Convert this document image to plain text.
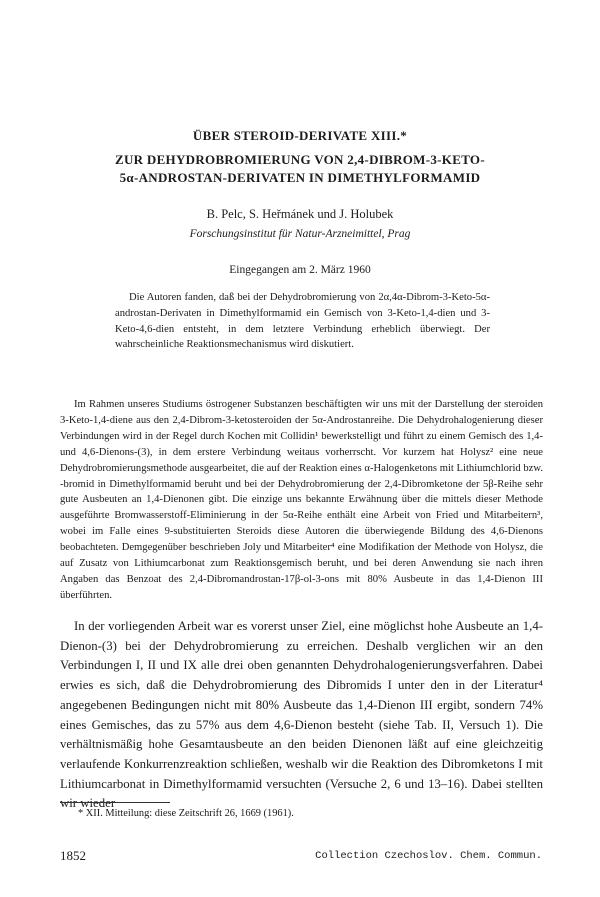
ÜBER STEROID-DERIVATE XIII.*
ZUR DEHYDROBROMIERUNG VON 2,4-DIBROM-3-KETO-
5α-ANDROSTAN-DERIVATEN IN DIMETHYLFORMAMID
B. Pelc, S. Heřmánek und J. Holubek
Forschungsinstitut für Natur-Arzneimittel, Prag
Eingegangen am 2. März 1960

Die Autoren fanden, daß bei der Dehydrobromierung von 2α,4α-Dibrom-3-Keto-5α-androstan-Derivaten in Dimethylformamid ein Gemisch von 3-Keto-1,4-dien und 3-Keto-4,6-dien entsteht, in dem letztere Verbindung erheblich überwiegt. Der wahrscheinliche Reaktionsmechanismus wird diskutiert.

Im Rahmen unseres Studiums östrogener Substanzen beschäftigten wir uns mit der Darstellung der steroiden 3-Keto-1,4-diene aus den 2,4-Dibrom-3-ketosteroiden der 5α-Androstanreihe. Die Dehydrohalogenierung dieser Verbindungen wird in der Regel durch Kochen mit Collidin¹ bewerkstelligt und führt zu einem Gemisch des 1,4- und 4,6-Dienons-(3), in dem erstere Verbindung weitaus vorherrscht. Vor kurzem hat Holysz² eine neue Dehydrobromierungsmethode ausgearbeitet, die auf der Reaktion eines α-Halogenketons mit Lithiumchlorid bzw. -bromid in Dimethylformamid beruht und bei der Dehydrobromierung der 2,4-Dibromketone der 5β-Reihe sehr gute Ausbeuten an 1,4-Dienonen gibt. Die einzige uns bekannte Erwähnung über die mittels dieser Methode ausgeführte Bromwasserstoff-Eliminierung in der 5α-Reihe enthält eine Arbeit von Fried und Mitarbeitern³, wobei im Falle eines 9-substituierten Steroids diese Autoren die überwiegende Bildung des 4,6-Dienons beobachteten. Demgegenüber beschrieben Joly und Mitarbeiter⁴ eine Modifikation der Methode von Holysz, die auf Zusatz von Lithiumcarbonat zum Reaktionsgemisch beruht, und bei deren Anwendung sie nach ihren Angaben das Benzoat des 2,4-Dibromandrostan-17β-ol-3-ons mit 80% Ausbeute in das 1,4-Dienon III überführten.

In der vorliegenden Arbeit war es vorerst unser Ziel, eine möglichst hohe Ausbeute an 1,4-Dienon-(3) bei der Dehydrobromierung zu erreichen. Deshalb verglichen wir an den Verbindungen I, II und IX alle drei oben genannten Dehydrohalogenierungsverfahren. Dabei erwies es sich, daß die Dehydrobromierung des Dibromids I unter den in der Literatur⁴ angegebenen Bedingungen nicht mit 80% Ausbeute das 1,4-Dienon III ergibt, sondern 74% eines Gemisches, das zu 57% aus dem 4,6-Dienon besteht (siehe Tab. II, Versuch 1). Die verhältnismäßig hohe Gesamtausbeute an den beiden Dienonen läßt auf eine gleichzeitig verlaufende Konkurrenzreaktion schließen, weshalb wir die Reaktion des Dibromketons I mit Lithiumcarbonat in Dimethylformamid versuchten (Versuche 2, 6 und 13–16). Dabei stellten wir wieder

* XII. Mitteilung: diese Zeitschrift 26, 1669 (1961).
1852	Collection Czechoslov. Chem. Commun.
